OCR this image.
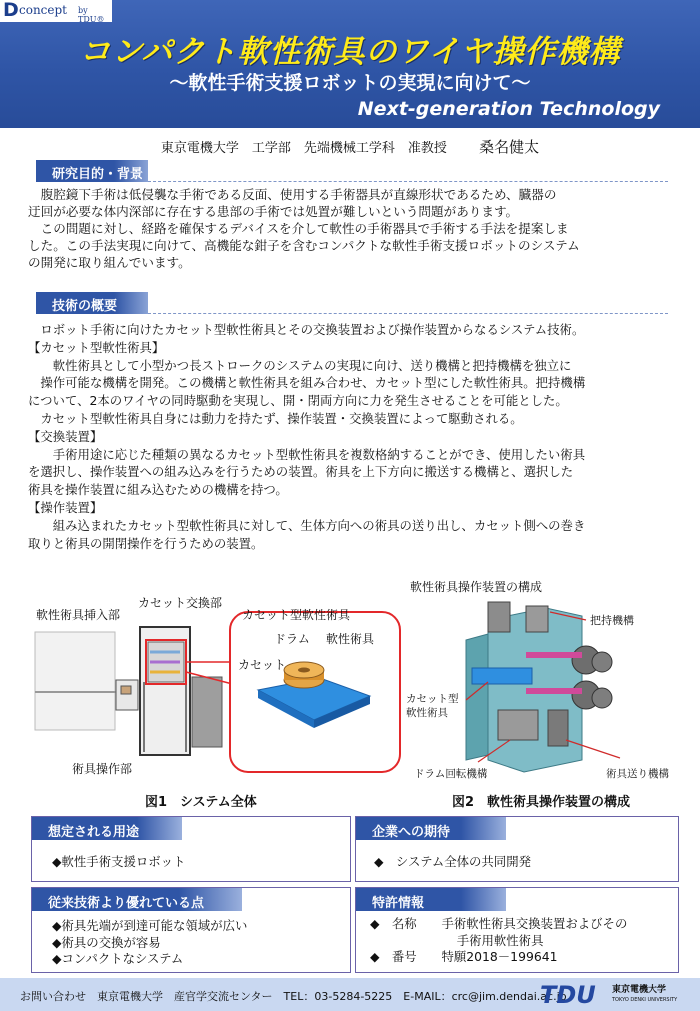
D concept by TDU®
コンパクト軟性術具のワイヤ操作機構
～軟性手術支援ロボットの実現に向けて～
Next-generation Technology
東京電機大学　工学部　先端機械工学科　准教授 桑名健太
研究目的・背景
　腹腔鏡下手術は低侵襲な手術である反面、使用する手術器具が直線形状であるため、臓器の
迂回が必要な体内深部に存在する患部の手術では処置が難しいという問題があります。
　この問題に対し、経路を確保するデバイスを介して軟性の手術器具で手術する手法を提案しま
した。この手法実現に向けて、高機能な鉗子を含むコンパクトな軟性手術支援ロボットのシステム
の開発に取り組んでいます。
技術の概要
　ロボット手術に向けたカセット型軟性術具とその交換装置および操作装置からなるシステム技術。
【カセット型軟性術具】
　　軟性術具として小型かつ長ストロークのシステムの実現に向け、送り機構と把持機構を独立に
　操作可能な機構を開発。この機構と軟性術具を組み合わせ、カセット型にした軟性術具。把持機構
について、2本のワイヤの同時駆動を実現し、開・閉両方向に力を発生させることを可能とした。
　カセット型軟性術具自身には動力を持たず、操作装置・交換装置によって駆動される。
【交換装置】
　　手術用途に応じた種類の異なるカセット型軟性術具を複数格納することができ、使用したい術具
を選択し、操作装置への組み込みを行うための装置。術具を上下方向に搬送する機構と、選択した
術具を操作装置に組み込むための機構を持つ。
【操作装置】
　　組み込まれたカセット型軟性術具に対して、生体方向への術具の送り出し、カセット側への巻き
取りと術具の開閉操作を行うための装置。
軟性術具挿入部
カセット交換部
カセット型軟性術具
ドラム 軟性術具
カセット
術具操作部
図1　システム全体
軟性術具操作装置の構成
把持機構
カセット型
軟性術具
ドラム回転機構	術具送り機構
図2　軟性術具操作装置の構成
想定される用途
◆軟性手術支援ロボット
企業への期待
◆　システム全体の共同開発
従来技術より優れている点
◆術具先端が到達可能な領域が広い
◆術具の交換が容易
◆コンパクトなシステム
特許情報
◆　名称　　手術軟性術具交換装置およびその
　　　　　　　手術用軟性術具
◆　番号　　特願2018－199641
お問い合わせ　東京電機大学　産官学交流センター　TEL：03-5284-5225　E-MAIL：crc@jim.dendai.ac.jp
TDU 東京電機大学
TOKYO DENKI UNIVERSITY
